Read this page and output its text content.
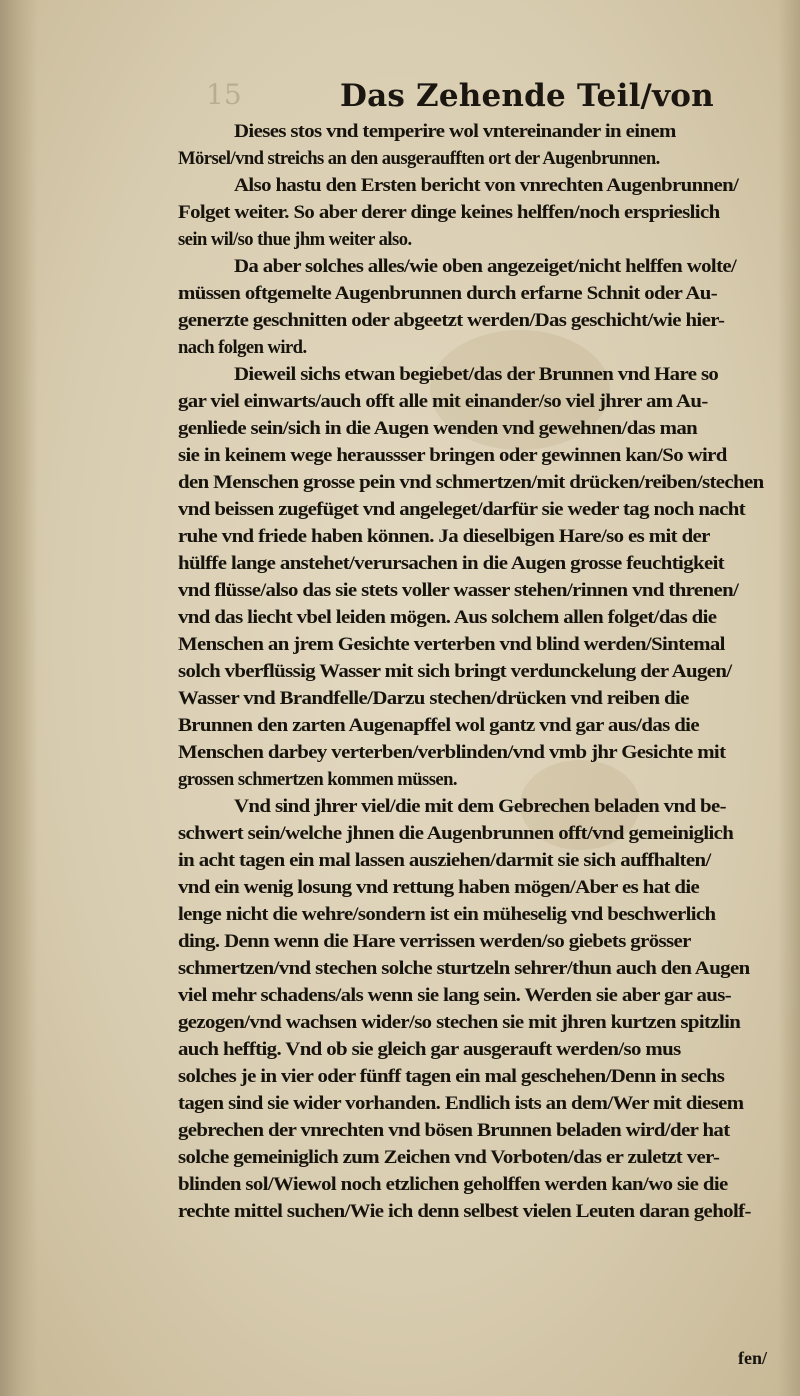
15	Das Zehende Teil/von
Dieses stos vnd temperire wol vntereinander in einem
Mörsel/vnd streichs an den ausgeraufften ort der Augenbrunnen.
Also hastu den Ersten bericht von vnrechten Augenbrunnen/
Folget weiter. So aber derer dinge keines helffen/noch ersprieslich
sein wil/so thue jhm weiter also.
Da aber solches alles/wie oben angezeiget/nicht helffen wolte/
müssen oftgemelte Augenbrunnen durch erfarne Schnit oder Au-
generzte geschnitten oder abgeetzt werden/Das geschicht/wie hier-
nach folgen wird.
Dieweil sichs etwan begiebet/das der Brunnen vnd Hare so
gar viel einwarts/auch offt alle mit einander/so viel jhrer am Au-
genliede sein/sich in die Augen wenden vnd gewehnen/das man
sie in keinem wege heraussser bringen oder gewinnen kan/So wird
den Menschen grosse pein vnd schmertzen/mit drücken/reiben/stechen
vnd beissen zugefüget vnd angeleget/darfür sie weder tag noch nacht
ruhe vnd friede haben können. Ja dieselbigen Hare/so es mit der
hülffe lange anstehet/verursachen in die Augen grosse feuchtigkeit
vnd flüsse/also das sie stets voller wasser stehen/rinnen vnd threnen/
vnd das liecht vbel leiden mögen. Aus solchem allen folget/das die
Menschen an jrem Gesichte verterben vnd blind werden/Sintemal
solch vberflüssig Wasser mit sich bringt verdunckelung der Augen/
Wasser vnd Brandfelle/Darzu stechen/drücken vnd reiben die
Brunnen den zarten Augenapffel wol gantz vnd gar aus/das die
Menschen darbey verterben/verblinden/vnd vmb jhr Gesichte mit
grossen schmertzen kommen müssen.
Vnd sind jhrer viel/die mit dem Gebrechen beladen vnd be-
schwert sein/welche jhnen die Augenbrunnen offt/vnd gemeiniglich
in acht tagen ein mal lassen ausziehen/darmit sie sich auffhalten/
vnd ein wenig losung vnd rettung haben mögen/Aber es hat die
lenge nicht die wehre/sondern ist ein müheselig vnd beschwerlich
ding. Denn wenn die Hare verrissen werden/so giebets grösser
schmertzen/vnd stechen solche sturtzeln sehrer/thun auch den Augen
viel mehr schadens/als wenn sie lang sein. Werden sie aber gar aus-
gezogen/vnd wachsen wider/so stechen sie mit jhren kurtzen spitzlin
auch hefftig. Vnd ob sie gleich gar ausgerauft werden/so mus
solches je in vier oder fünff tagen ein mal geschehen/Denn in sechs
tagen sind sie wider vorhanden. Endlich ists an dem/Wer mit diesem
gebrechen der vnrechten vnd bösen Brunnen beladen wird/der hat
solche gemeiniglich zum Zeichen vnd Vorboten/das er zuletzt ver-
blinden sol/Wiewol noch etzlichen geholffen werden kan/wo sie die
rechte mittel suchen/Wie ich denn selbest vielen Leuten daran geholf-
fen/
